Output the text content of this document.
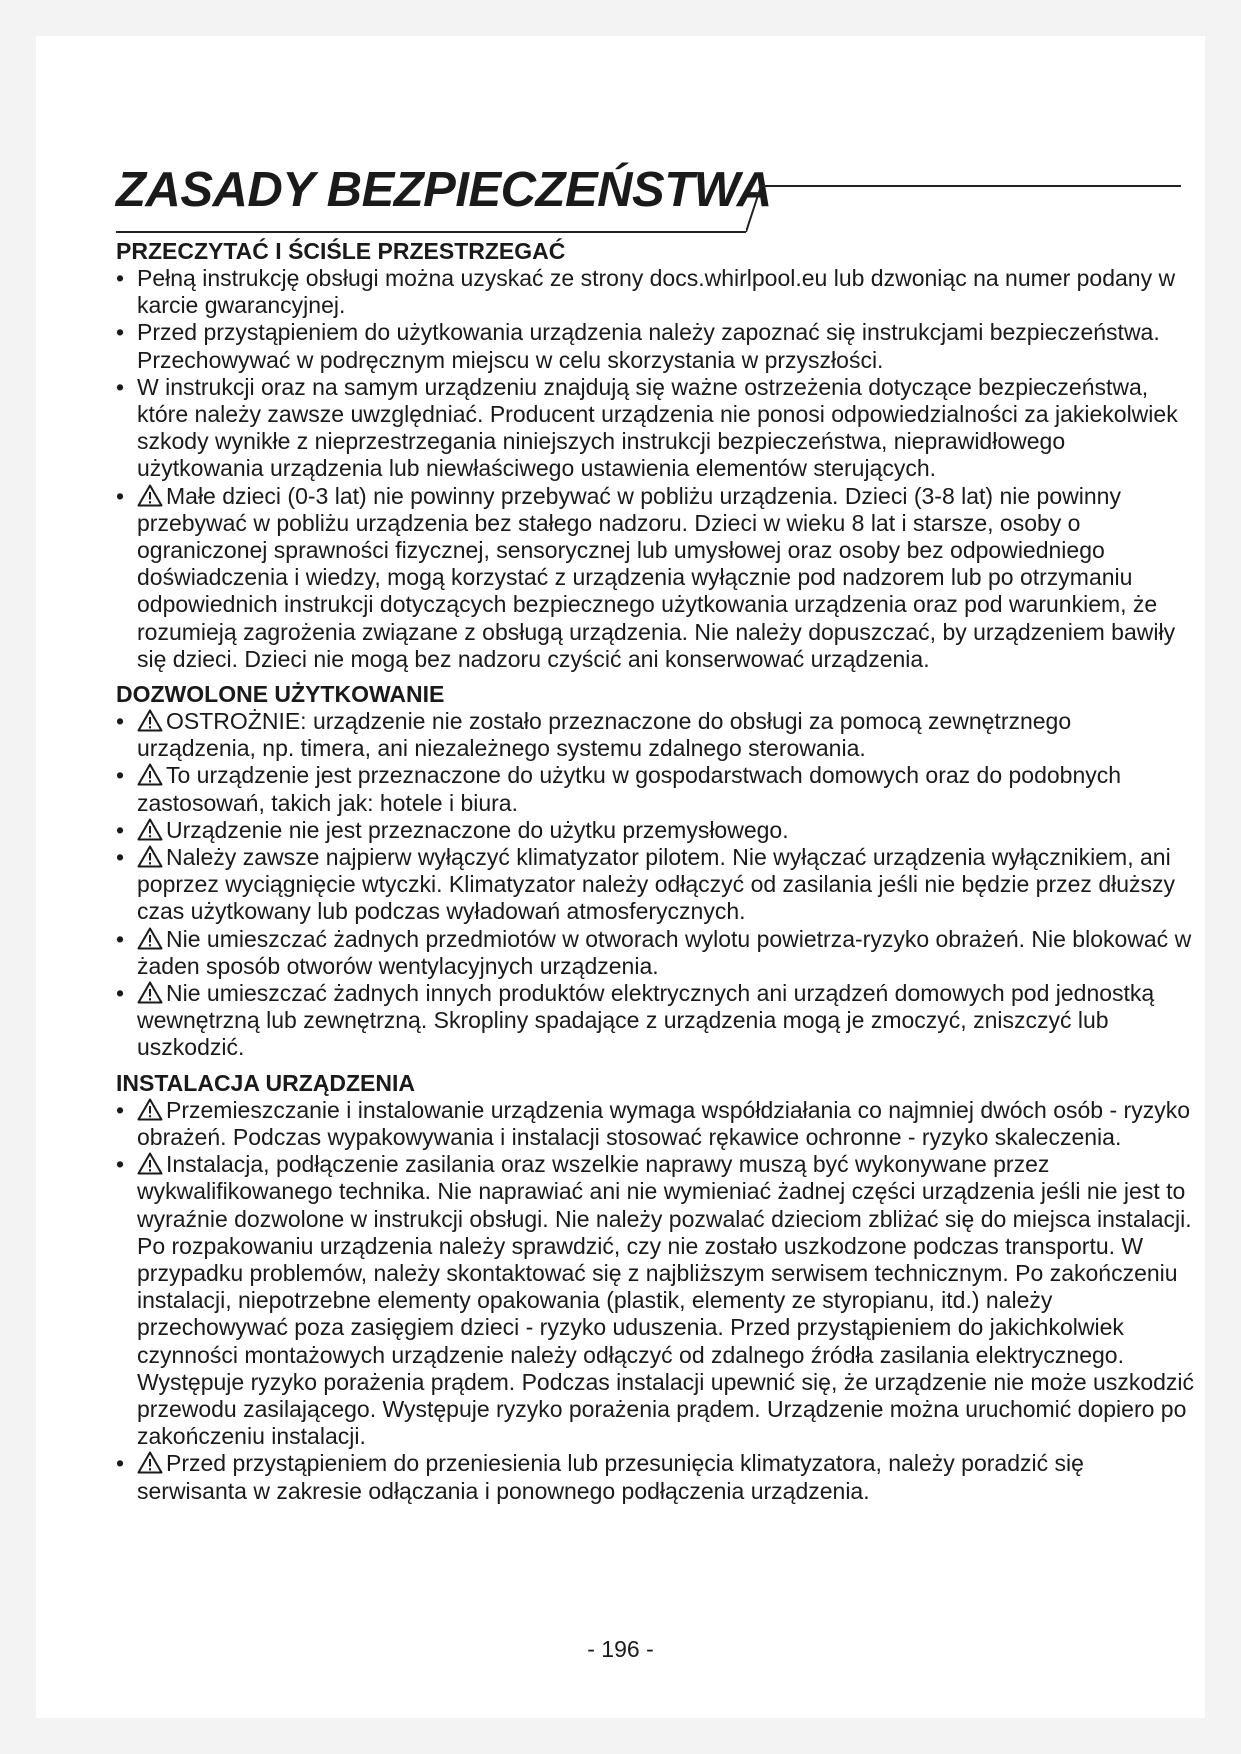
ZASADY BEZPIECZEŃSTWA
PRZECZYTAĆ I ŚCIŚLE PRZESTRZEGAĆ
• Pełną instrukcję obsługi można uzyskać ze strony docs.whirlpool.eu lub dzwoniąc na numer podany w karcie gwarancyjnej.
• Przed przystąpieniem do użytkowania urządzenia należy zapoznać się instrukcjami bezpieczeństwa. Przechowywać w podręcznym miejscu w celu skorzystania w przyszłości.
• W instrukcji oraz na samym urządzeniu znajdują się ważne ostrzeżenia dotyczące bezpieczeństwa, które należy zawsze uwzględniać. Producent urządzenia nie ponosi odpowiedzialności za jakiekolwiek szkody wynikłe z nieprzestrzegania niniejszych instrukcji bezpieczeństwa, nieprawidłowego użytkowania urządzenia lub niewłaściwego ustawienia elementów sterujących.
• Małe dzieci (0-3 lat) nie powinny przebywać w pobliżu urządzenia. Dzieci (3-8 lat) nie powinny przebywać w pobliżu urządzenia bez stałego nadzoru. Dzieci w wieku 8 lat i starsze, osoby o ograniczonej sprawności fizycznej, sensorycznej lub umysłowej oraz osoby bez odpowiedniego doświadczenia i wiedzy, mogą korzystać z urządzenia wyłącznie pod nadzorem lub po otrzymaniu odpowiednich instrukcji dotyczących bezpiecznego użytkowania urządzenia oraz pod warunkiem, że rozumieją zagrożenia związane z obsługą urządzenia. Nie należy dopuszczać, by urządzeniem bawiły się dzieci. Dzieci nie mogą bez nadzoru czyścić ani konserwować urządzenia.
DOZWOLONE UŻYTKOWANIE
• OSTROŻNIE: urządzenie nie zostało przeznaczone do obsługi za pomocą zewnętrznego urządzenia, np. timera, ani niezależnego systemu zdalnego sterowania.
• To urządzenie jest przeznaczone do użytku w gospodarstwach domowych oraz do podobnych zastosowań, takich jak: hotele i biura.
• Urządzenie nie jest przeznaczone do użytku przemysłowego.
• Należy zawsze najpierw wyłączyć klimatyzator pilotem. Nie wyłączać urządzenia wyłącznikiem, ani poprzez wyciągnięcie wtyczki. Klimatyzator należy odłączyć od zasilania jeśli nie będzie przez dłuższy czas użytkowany lub podczas wyładowań atmosferycznych.
• Nie umieszczać żadnych przedmiotów w otworach wylotu powietrza-ryzyko obrażeń. Nie blokować w żaden sposób otworów wentylacyjnych urządzenia.
• Nie umieszczać żadnych innych produktów elektrycznych ani urządzeń domowych pod jednostką wewnętrzną lub zewnętrzną. Skropliny spadające z urządzenia mogą je zmoczyć, zniszczyć lub uszkodzić.
INSTALACJA URZĄDZENIA
• Przemieszczanie i instalowanie urządzenia wymaga współdziałania co najmniej dwóch osób - ryzyko obrażeń. Podczas wypakowywania i instalacji stosować rękawice ochronne - ryzyko skaleczenia.
• Instalacja, podłączenie zasilania oraz wszelkie naprawy muszą być wykonywane przez wykwalifikowanego technika. Nie naprawiać ani nie wymieniać żadnej części urządzenia jeśli nie jest to wyraźnie dozwolone w instrukcji obsługi. Nie należy pozwalać dzieciom zbliżać się do miejsca instalacji. Po rozpakowaniu urządzenia należy sprawdzić, czy nie zostało uszkodzone podczas transportu. W przypadku problemów, należy skontaktować się z najbliższym serwisem technicznym. Po zakończeniu instalacji, niepotrzebne elementy opakowania (plastik, elementy ze styropianu, itd.) należy przechowywać poza zasięgiem dzieci - ryzyko uduszenia. Przed przystąpieniem do jakichkolwiek czynności montażowych urządzenie należy odłączyć od zdalnego źródła zasilania elektrycznego. Występuje ryzyko porażenia prądem. Podczas instalacji upewnić się, że urządzenie nie może uszkodzić przewodu zasilającego. Występuje ryzyko porażenia prądem. Urządzenie można uruchomić dopiero po zakończeniu instalacji.
• Przed przystąpieniem do przeniesienia lub przesunięcia klimatyzatora, należy poradzić się serwisanta w zakresie odłączania i ponownego podłączenia urządzenia.
- 196 -
